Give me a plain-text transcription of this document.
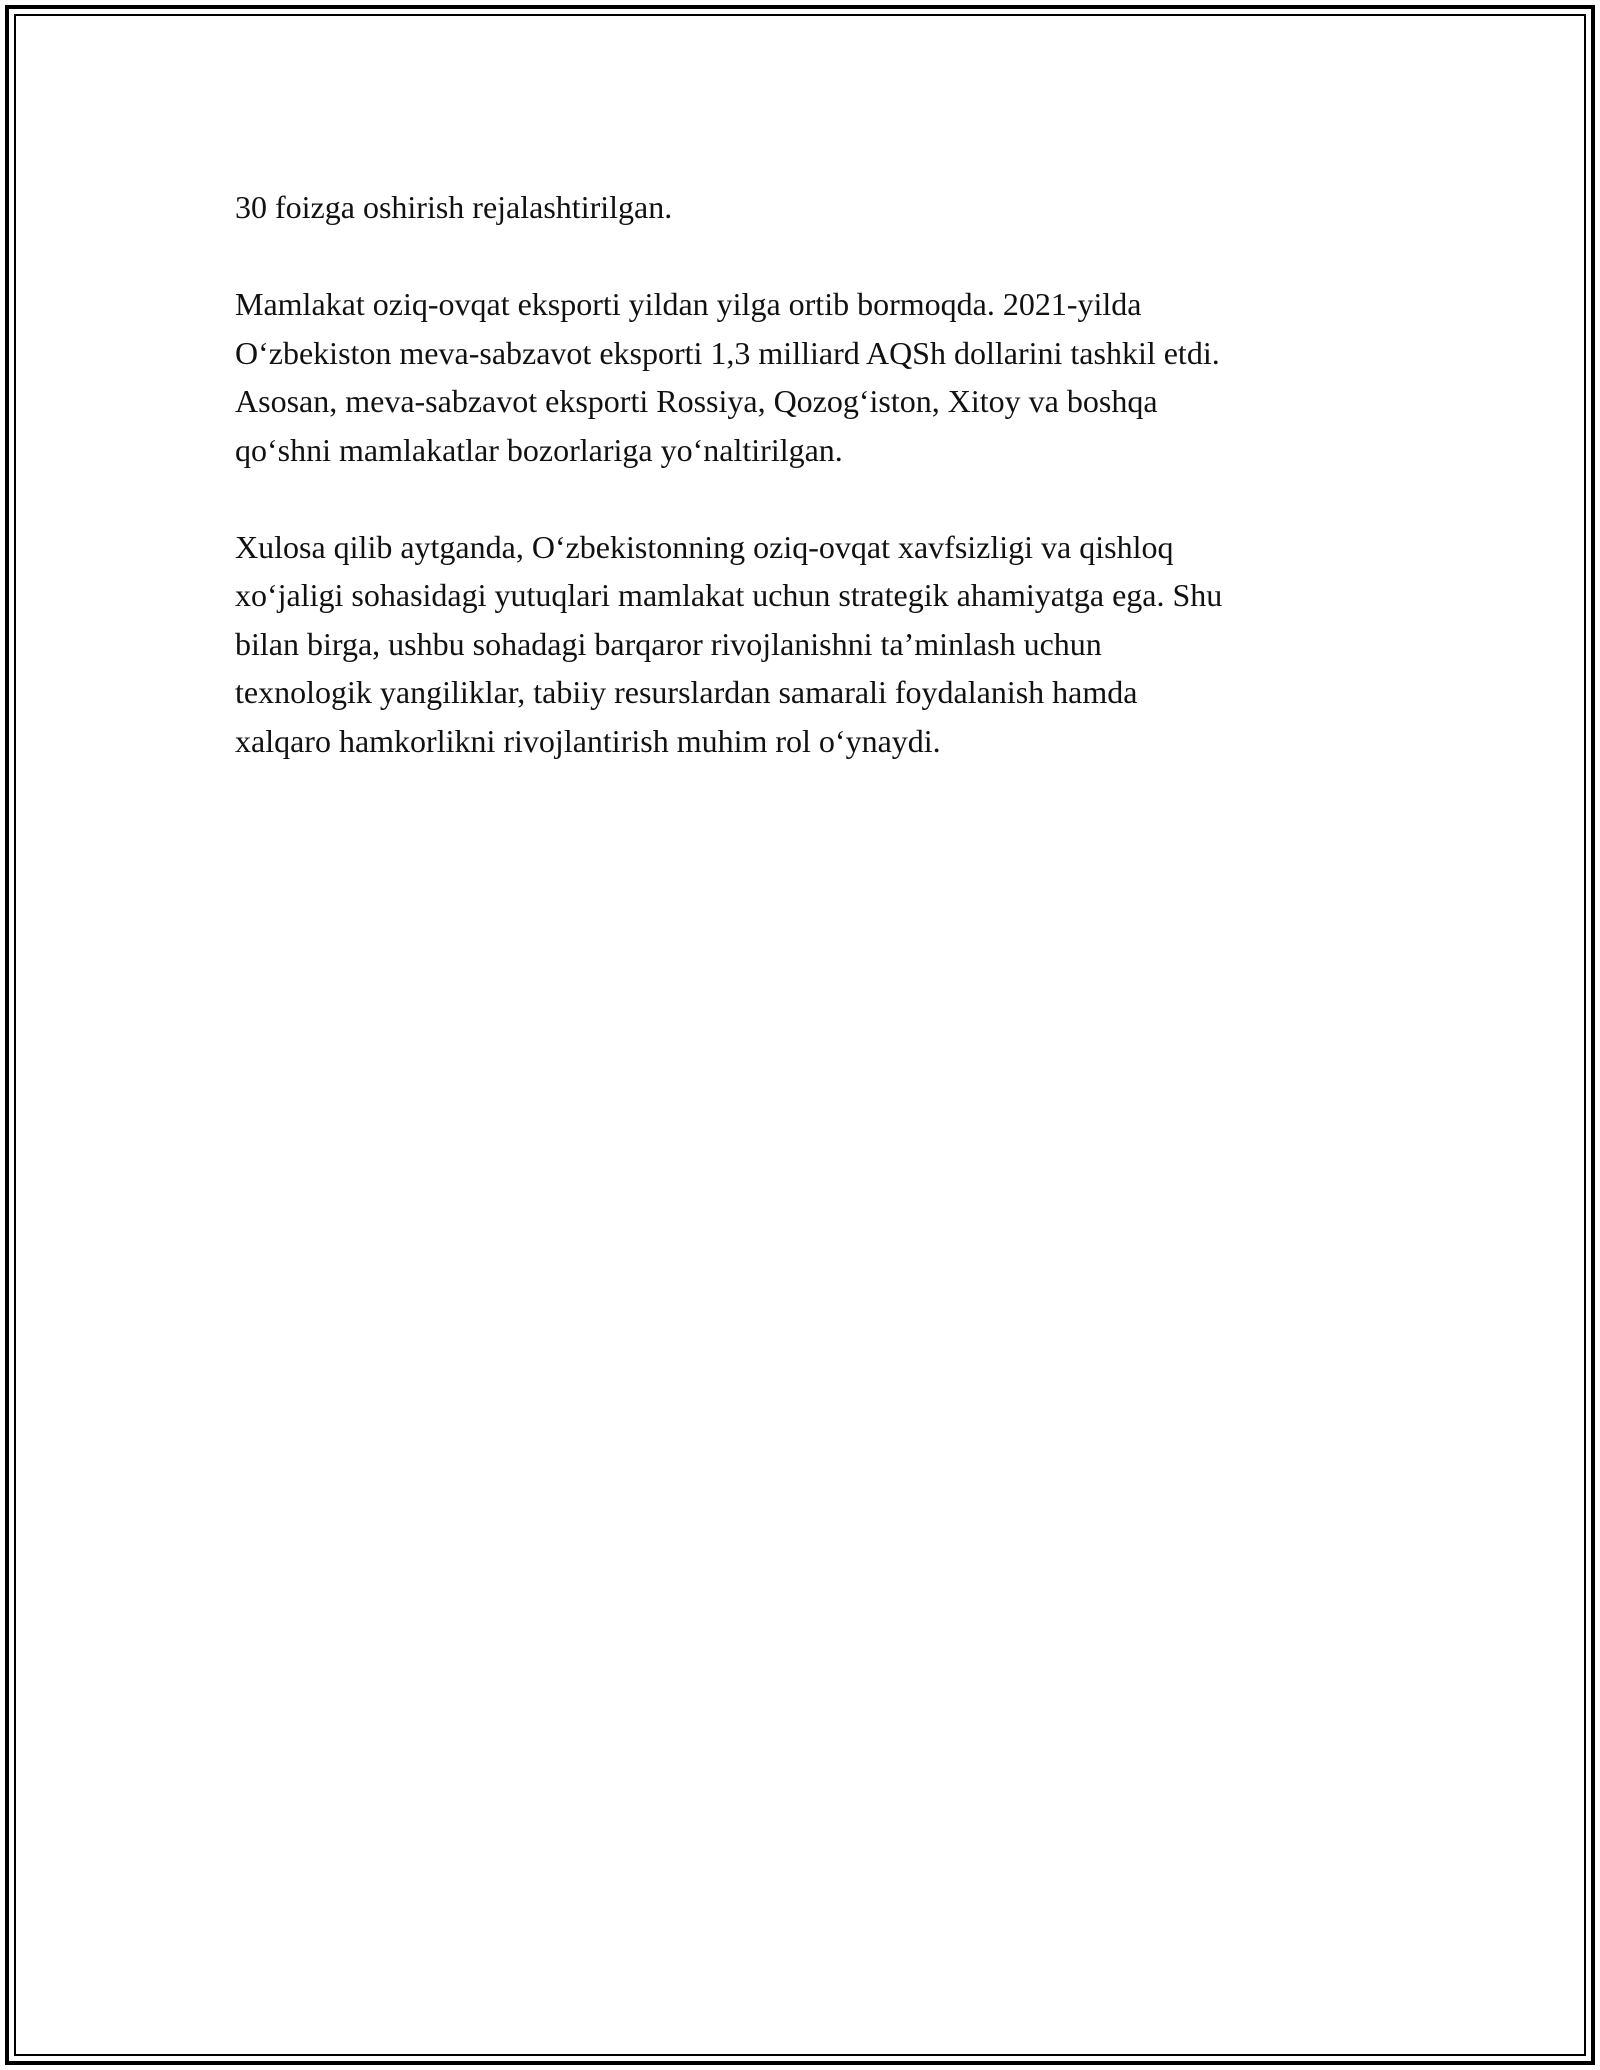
30 foizga oshirish rejalashtirilgan.

Mamlakat oziq-ovqat eksporti yildan yilga ortib bormoqda. 2021-yilda
O‘zbekiston meva-sabzavot eksporti 1,3 milliard AQSh dollarini tashkil etdi.
Asosan, meva-sabzavot eksporti Rossiya, Qozog‘iston, Xitoy va boshqa
qo‘shni mamlakatlar bozorlariga yo‘naltirilgan.

Xulosa qilib aytganda, O‘zbekistonning oziq-ovqat xavfsizligi va qishloq
xo‘jaligi sohasidagi yutuqlari mamlakat uchun strategik ahamiyatga ega. Shu
bilan birga, ushbu sohadagi barqaror rivojlanishni ta’minlash uchun
texnologik yangiliklar, tabiiy resurslardan samarali foydalanish hamda
xalqaro hamkorlikni rivojlantirish muhim rol o‘ynaydi.
